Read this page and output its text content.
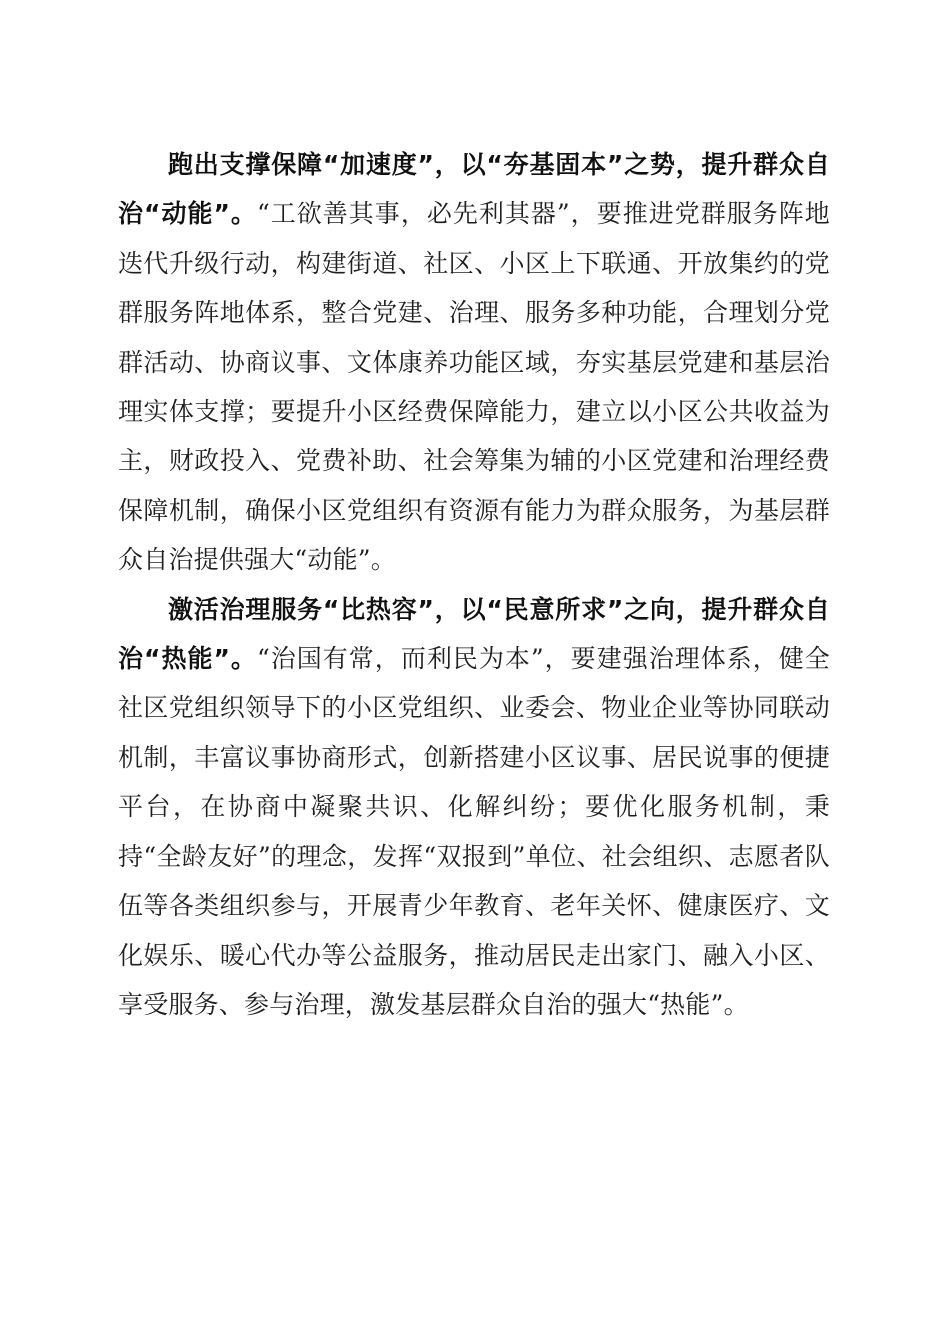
跑出支撑保障“加速度”，以“夯基固本”之势，提升群众自治“动能”。“工欲善其事，必先利其器”，要推进党群服务阵地迭代升级行动，构建街道、社区、小区上下联通、开放集约的党群服务阵地体系，整合党建、治理、服务多种功能，合理划分党群活动、协商议事、文体康养功能区域，夯实基层党建和基层治理实体支撑；要提升小区经费保障能力，建立以小区公共收益为主，财政投入、党费补助、社会筹集为辅的小区党建和治理经费保障机制，确保小区党组织有资源有能力为群众服务，为基层群众自治提供强大“动能”。

激活治理服务“比热容”，以“民意所求”之向，提升群众自治“热能”。“治国有常，而利民为本”，要建强治理体系，健全社区党组织领导下的小区党组织、业委会、物业企业等协同联动机制，丰富议事协商形式，创新搭建小区议事、居民说事的便捷平台，在协商中凝聚共识、化解纠纷；要优化服务机制，秉持“全龄友好”的理念，发挥“双报到”单位、社会组织、志愿者队伍等各类组织参与，开展青少年教育、老年关怀、健康医疗、文化娱乐、暖心代办等公益服务，推动居民走出家门、融入小区、享受服务、参与治理，激发基层群众自治的强大“热能”。
